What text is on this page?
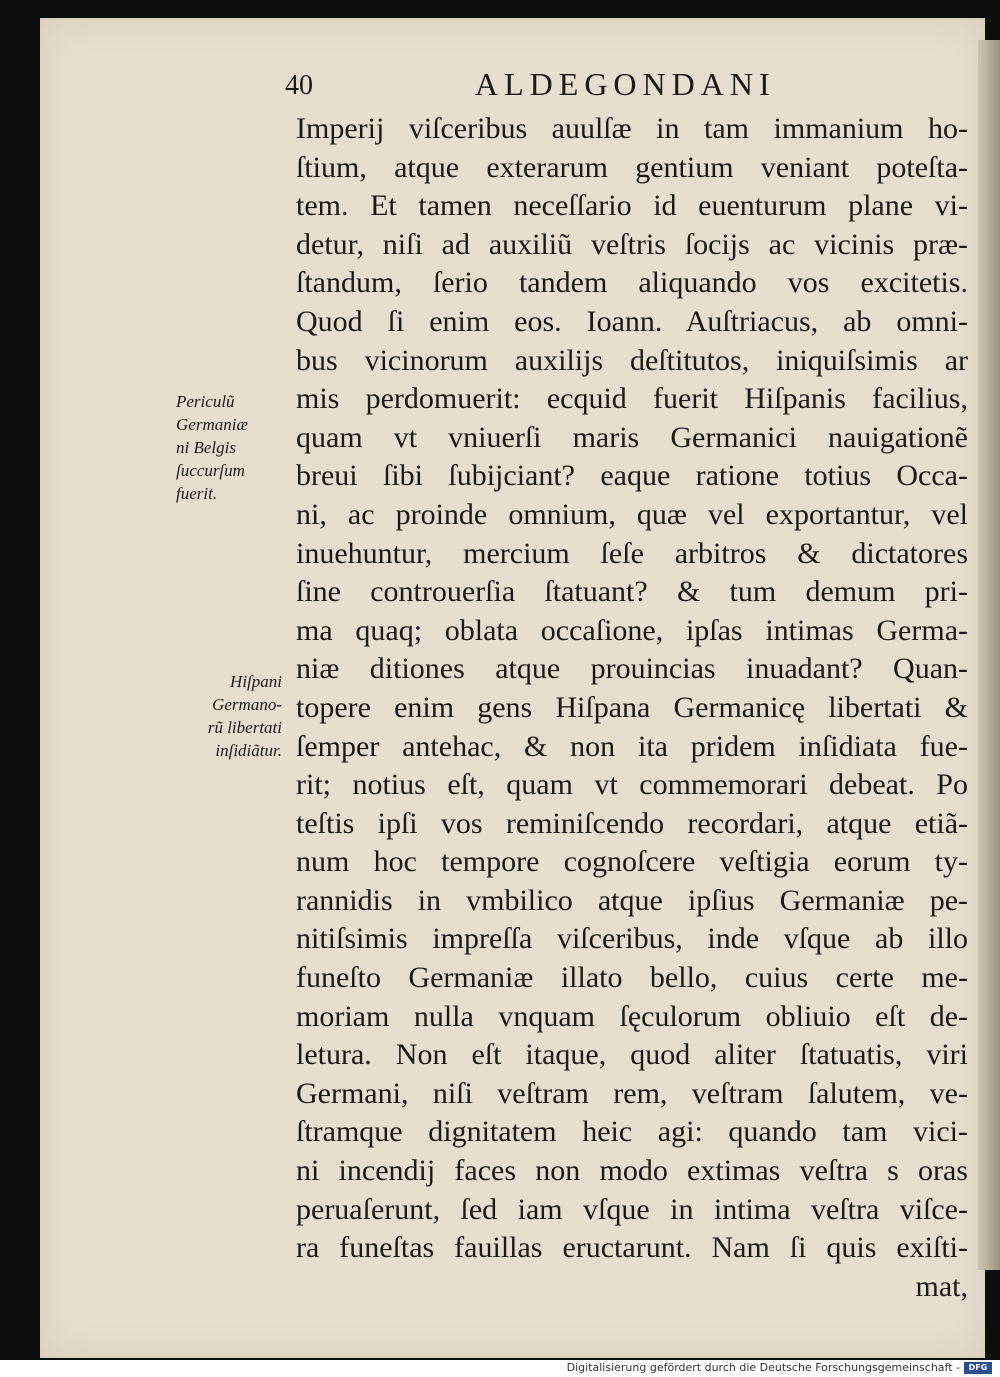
40	ALDEGONDANI
Periculũ
Germaniæ
ni Belgis
ſuccurſum
fuerit.
Hiſpani
Germano-
rũ libertati
inſidiãtur.
Imperij viſceribus auulſæ in tam immanium ho-
ſtium, atque exterarum gentium veniant poteſta-
tem. Et tamen neceſſario id euenturum plane vi-
detur, niſi ad auxiliũ veſtris ſocijs ac vicinis præ-
ſtandum, ſerio tandem aliquando vos excitetis.
Quod ſi enim eos. Ioann. Auſtriacus, ab omni-
bus vicinorum auxilijs deſtitutos, iniquiſsimis ar
mis perdomuerit: ecquid fuerit Hiſpanis facilius,
quam vt vniuerſi maris Germanici nauigationẽ
breui ſibi ſubijciant? eaque ratione totius Occa-
ni, ac proinde omnium, quæ vel exportantur, vel
inuehuntur, mercium ſeſe arbitros & dictatores
ſine controuerſia ſtatuant? & tum demum pri-
ma quaq; oblata occaſione, ipſas intimas Germa-
niæ ditiones atque prouincias inuadant? Quan-
topere enim gens Hiſpana Germanicę libertati &
ſemper antehac, & non ita pridem inſidiata fue-
rit; notius eſt, quam vt commemorari debeat. Po
teſtis ipſi vos reminiſcendo recordari, atque etiã-
num hoc tempore cognoſcere veſtigia eorum ty-
rannidis in vmbilico atque ipſius Germaniæ pe-
nitiſsimis impreſſa viſceribus, inde vſque ab illo
funeſto Germaniæ illato bello, cuius certe me-
moriam nulla vnquam ſęculorum obliuio eſt de-
letura. Non eſt itaque, quod aliter ſtatuatis, viri
Germani, niſi veſtram rem, veſtram ſalutem, ve-
ſtramque dignitatem heic agi: quando tam vici-
ni incendij faces non modo extimas veſtra s oras
peruaſerunt, ſed iam vſque in intima veſtra viſce-
ra funeſtas fauillas eructarunt. Nam ſi quis exiſti-
mat,
Digitalisierung gefördert durch die Deutsche Forschungsgemeinschaft -	DFG
